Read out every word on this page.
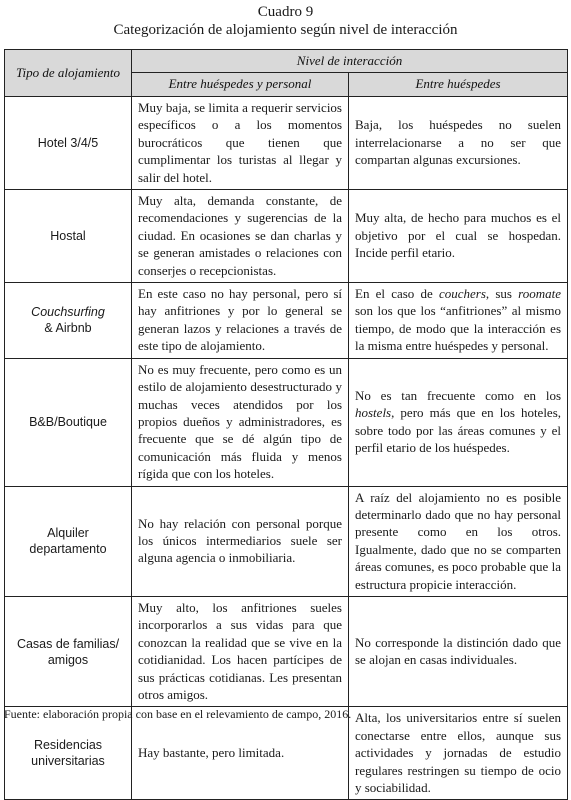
Cuadro 9
Categorización de alojamiento según nivel de interacción
Tipo de alojamiento	Nivel de interacción	
	Entre huéspedes y personal	Entre huéspedes
Hotel 3/4/5	Muy baja, se limita a requerir servicios específicos o a los momentos burocráticos que tienen que cumplimentar los turistas al llegar y salir del hotel.	Baja, los huéspedes no suelen interrelacionarse a no ser que compartan algunas excursiones.
Hostal	Muy alta, demanda constante, de recomendaciones y sugerencias de la ciudad. En ocasiones se dan charlas y se generan amistades o relaciones con conserjes o recepcionistas.	Muy alta, de hecho para muchos es el objetivo por el cual se hospedan. Incide perfil etario.
Couchsurfing
& Airbnb	En este caso no hay personal, pero sí hay anfitriones y por lo general se generan lazos y relaciones a través de este tipo de alojamiento.	En el caso de couchers, sus roomate son los que los “anfitriones” al mismo tiempo, de modo que la interacción es la misma entre huéspedes y personal.
B&B/Boutique	No es muy frecuente, pero como es un estilo de alojamiento desestructurado y muchas veces atendidos por los propios dueños y administradores, es frecuente que se dé algún tipo de comunicación más fluida y menos rígida que con los hoteles.	No es tan frecuente como en los hostels, pero más que en los hoteles, sobre todo por las áreas comunes y el perfil etario de los huéspedes.
Alquiler departamento	No hay relación con personal porque los únicos intermediarios suele ser alguna agencia o inmobiliaria.	A raíz del alojamiento no es posible determinarlo dado que no hay personal presente como en los otros. Igualmente, dado que no se comparten áreas comunes, es poco probable que la estructura propicie interacción.
Casas de familias/ amigos	Muy alto, los anfitriones sueles incorporarlos a sus vidas para que conozcan la realidad que se vive en la cotidianidad. Los hacen partícipes de sus prácticas cotidianas. Les presentan otros amigos.	No corresponde la distinción dado que se alojan en casas individuales.
Residencias universitarias	Hay bastante, pero limitada.	Alta, los universitarios entre sí suelen conectarse entre ellos, aunque sus actividades y jornadas de estudio regulares restringen su tiempo de ocio y sociabilidad.
Fuente: elaboración propia con base en el relevamiento de campo, 2016.
